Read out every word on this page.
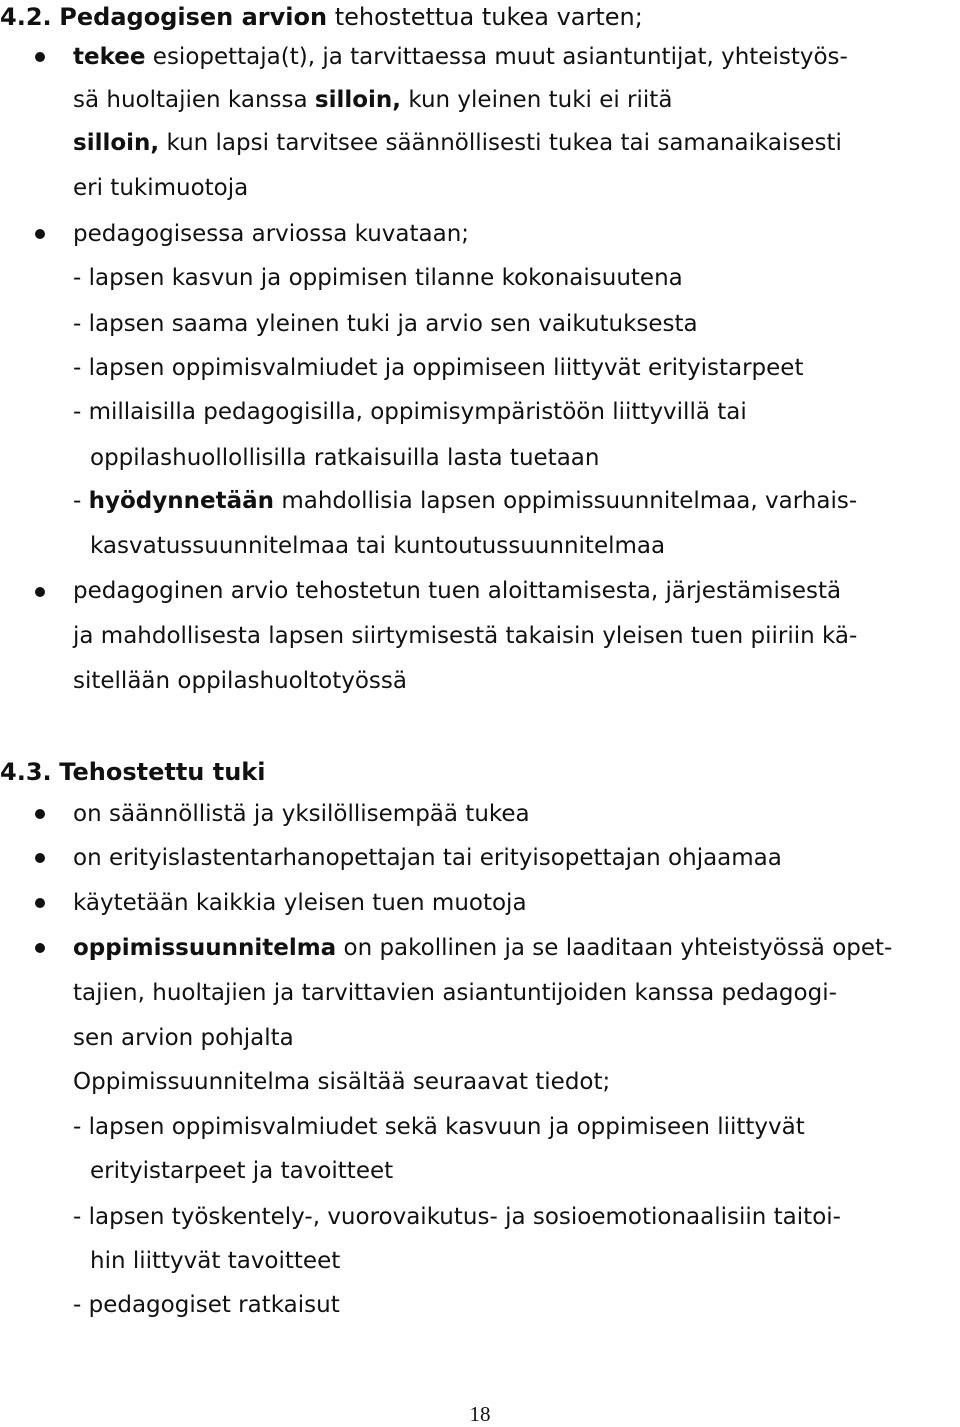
4.2. Pedagogisen arvion tehostettua tukea varten;
tekee esiopettaja(t), ja tarvittaessa muut asiantuntijat, yhteistyös-
sä huoltajien kanssa silloin, kun yleinen tuki ei riitä
silloin, kun lapsi tarvitsee säännöllisesti tukea tai samanaikaisesti
eri tukimuotoja
pedagogisessa arviossa kuvataan;
- lapsen kasvun ja oppimisen tilanne kokonaisuutena
- lapsen saama yleinen tuki ja arvio sen vaikutuksesta
- lapsen oppimisvalmiudet ja oppimiseen liittyvät erityistarpeet
- millaisilla pedagogisilla, oppimisympäristöön liittyvillä tai
oppilashuollollisilla ratkaisuilla lasta tuetaan
- hyödynnetään mahdollisia lapsen oppimissuunnitelmaa, varhais-
kasvatussuunnitelmaa tai kuntoutussuunnitelmaa
pedagoginen arvio tehostetun tuen aloittamisesta, järjestämisestä
ja mahdollisesta lapsen siirtymisestä takaisin yleisen tuen piiriin kä-
sitellään oppilashuoltotyössä
4.3. Tehostettu tuki
on säännöllistä ja yksilöllisempää tukea
on erityislastentarhanopettajan tai erityisopettajan ohjaamaa
käytetään kaikkia yleisen tuen muotoja
oppimissuunnitelma on pakollinen ja se laaditaan yhteistyössä opet-
tajien, huoltajien ja tarvittavien asiantuntijoiden kanssa pedagogi-
sen arvion pohjalta
Oppimissuunnitelma sisältää seuraavat tiedot;
- lapsen oppimisvalmiudet sekä kasvuun ja oppimiseen liittyvät
erityistarpeet ja tavoitteet
- lapsen työskentely-, vuorovaikutus- ja sosioemotionaalisiin taitoi-
hin liittyvät tavoitteet
- pedagogiset ratkaisut
18
